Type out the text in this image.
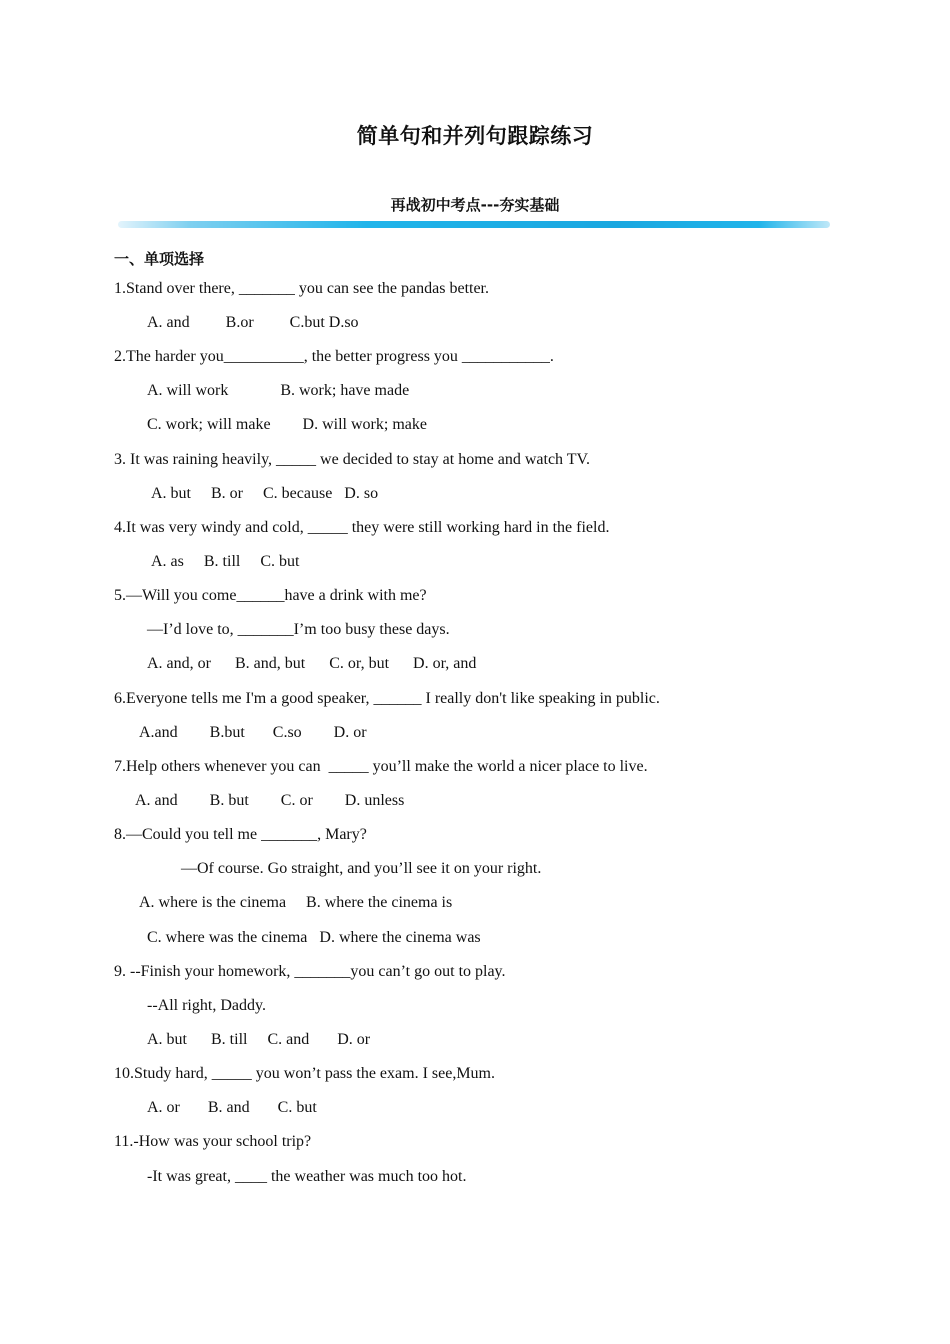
简单句和并列句跟踪练习
再战初中考点---夯实基础
一、单项选择
1.Stand over there, _______ you can see the pandas better.
A. and         B.or         C.but D.so
2.The harder you__________, the better progress you ___________.
A. will work             B. work; have made
C. work; will make        D. will work; make
3. It was raining heavily, _____ we decided to stay at home and watch TV.
A. but     B. or     C. because   D. so
4.It was very windy and cold, _____ they were still working hard in the field.
A. as     B. till     C. but
5.—Will you come______have a drink with me?
—I’d love to, _______I’m too busy these days.
A. and, or      B. and, but      C. or, but      D. or, and
6.Everyone tells me I'm a good speaker, ______ I really don't like speaking in public.
A.and        B.but       C.so        D. or
7.Help others whenever you can  _____ you’ll make the world a nicer place to live.
A. and        B. but        C. or        D. unless
8.—Could you tell me _______, Mary?
—Of course. Go straight, and you’ll see it on your right.
A. where is the cinema     B. where the cinema is
C. where was the cinema   D. where the cinema was
9. --Finish your homework, _______you can’t go out to play.
--All right, Daddy.
A. but      B. till     C. and       D. or
10.Study hard, _____ you won’t pass the exam. I see,Mum.
A. or       B. and       C. but
11.-How was your school trip?
-It was great, ____ the weather was much too hot.
